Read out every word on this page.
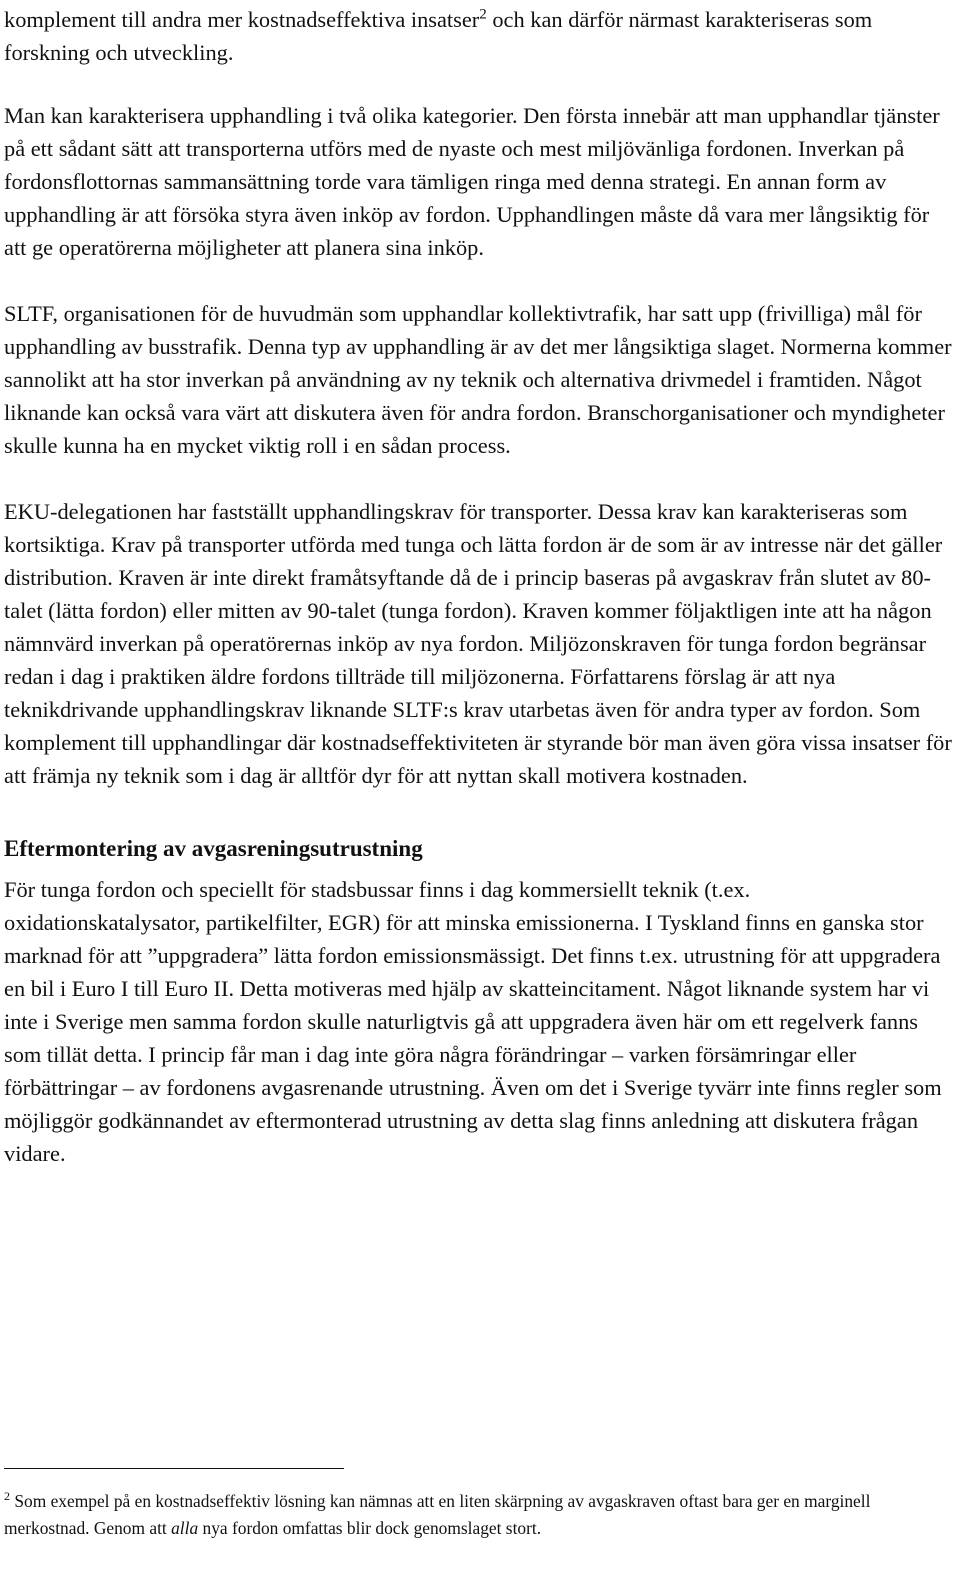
komplement till andra mer kostnadseffektiva insatser$^2$ och kan därför närmast karakteriseras som forskning och utveckling.

Man kan karakterisera upphandling i två olika kategorier. Den första innebär att man upphandlar tjänster på ett sådant sätt att transporterna utförs med de nyaste och mest miljövänliga fordonen. Inverkan på fordonsflottornas sammansättning torde vara tämligen ringa med denna strategi. En annan form av upphandling är att försöka styra även inköp av fordon. Upphandlingen måste då vara mer långsiktig för att ge operatörerna möjligheter att planera sina inköp.

SLTF, organisationen för de huvudmän som upphandlar kollektivtrafik, har satt upp (frivilliga) mål för upphandling av busstrafik. Denna typ av upphandling är av det mer långsiktiga slaget. Normerna kommer sannolikt att ha stor inverkan på användning av ny teknik och alternativa drivmedel i framtiden. Något liknande kan också vara värt att diskutera även för andra fordon. Branschorganisationer och myndigheter skulle kunna ha en mycket viktig roll i en sådan process.

EKU-delegationen har fastställt upphandlingskrav för transporter. Dessa krav kan karakteriseras som kortsiktiga. Krav på transporter utförda med tunga och lätta fordon är de som är av intresse när det gäller distribution. Kraven är inte direkt framåtsyftande då de i princip baseras på avgaskrav från slutet av 80-talet (lätta fordon) eller mitten av 90-talet (tunga fordon). Kraven kommer följaktligen inte att ha någon nämnvärd inverkan på operatörernas inköp av nya fordon. Miljözonskraven för tunga fordon begränsar redan i dag i praktiken äldre fordons tillträde till miljözonerna. Författarens förslag är att nya teknikdrivande upphandlingskrav liknande SLTF:s krav utarbetas även för andra typer av fordon. Som komplement till upphandlingar där kostnadseffektiviteten är styrande bör man även göra vissa insatser för att främja ny teknik som i dag är alltför dyr för att nyttan skall motivera kostnaden.

Eftermontering av avgasreningsutrustning

För tunga fordon och speciellt för stadsbussar finns i dag kommersiellt teknik (t.ex. oxidationskatalysator, partikelfilter, EGR) för att minska emissionerna. I Tyskland finns en ganska stor marknad för att ”uppgradera” lätta fordon emissionsmässigt. Det finns t.ex. utrustning för att uppgradera en bil i Euro I till Euro II. Detta motiveras med hjälp av skatteincitament. Något liknande system har vi inte i Sverige men samma fordon skulle naturligtvis gå att uppgradera även här om ett regelverk fanns som tillät detta. I princip får man i dag inte göra några förändringar – varken försämringar eller förbättringar – av fordonens avgasrenande utrustning. Även om det i Sverige tyvärr inte finns regler som möjliggör godkännandet av eftermonterad utrustning av detta slag finns anledning att diskutera frågan vidare.

$^2$ Som exempel på en kostnadseffektiv lösning kan nämnas att en liten skärpning av avgaskraven oftast bara ger en marginell merkostnad. Genom att alla nya fordon omfattas blir dock genomslaget stort.
